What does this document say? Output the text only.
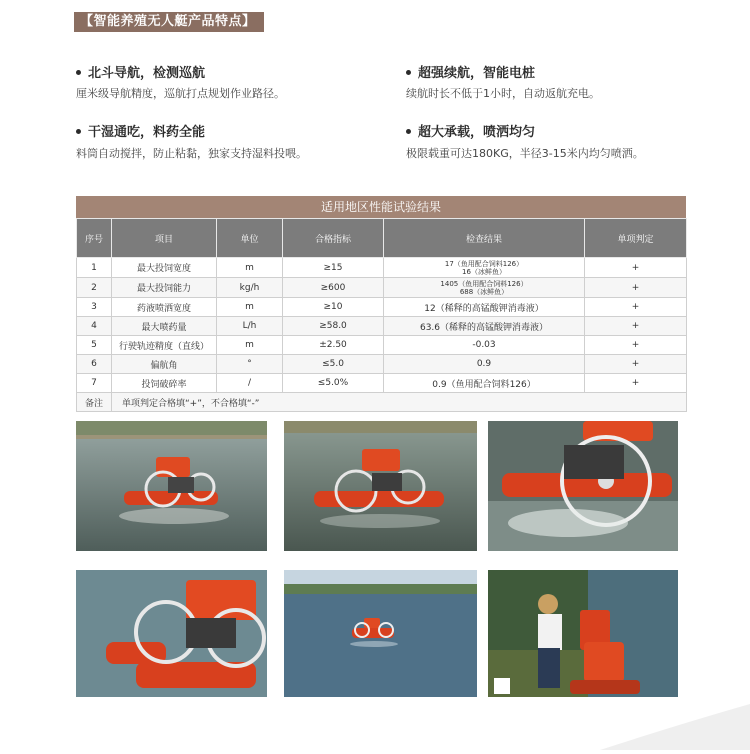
【智能养殖无人艇产品特点】
北斗导航，检测巡航
厘米级导航精度，巡航打点规划作业路径。
超强续航，智能电桩
续航时长不低于1小时，自动返航充电。
干湿通吃，料药全能
料筒自动搅拌，防止粘黏，独家支持湿料投喂。
超大承载，喷洒均匀
极限载重可达180KG，半径3-15米内均匀喷洒。
适用地区性能试验结果
序号	项目	单位	合格指标	检查结果	单项判定
1	最大投饲宽度	m	≥15	17（鱼用配合饲料126）
16（冰鲜鱼）	+
2	最大投饲能力	kg/h	≥600	1405（鱼用配合饲料126）
688（冰鲜鱼）	+
3	药液喷洒宽度	m	≥10	12（稀释的高锰酸钾消毒液）	+
4	最大喷药量	L/h	≥58.0	63.6（稀释的高锰酸钾消毒液）	+
5	行驶轨迹精度（直线）	m	±2.50	-0.03	+
6	偏航角	°	≤5.0	0.9	+
7	投饲破碎率	/	≤5.0%	0.9（鱼用配合饲料126）	+
备注	单项判定合格填“+”，不合格填“-”				
